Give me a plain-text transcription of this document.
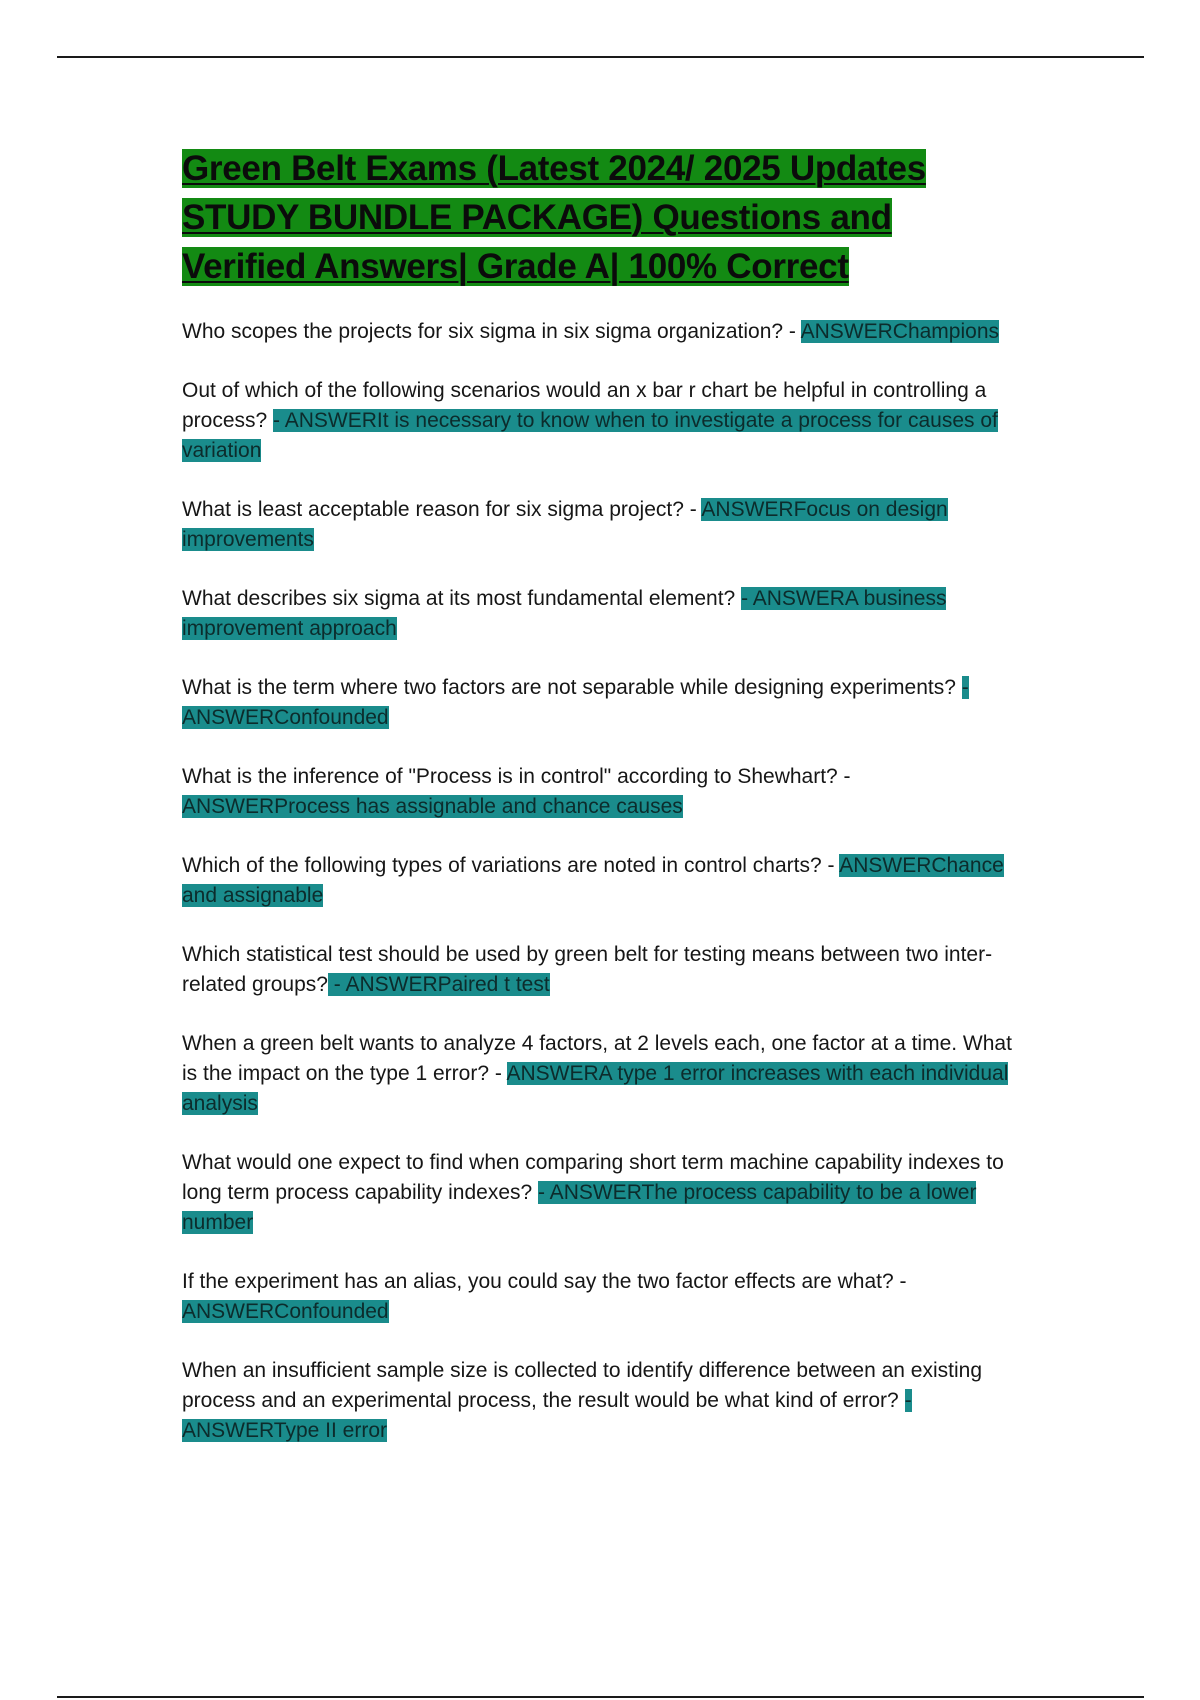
Green Belt Exams (Latest 2024/ 2025 Updates STUDY BUNDLE PACKAGE) Questions and Verified Answers| Grade A| 100% Correct
Who scopes the projects for six sigma in six sigma organization? - ANSWERChampions
Out of which of the following scenarios would an x bar r chart be helpful in controlling a process? - ANSWERIt is necessary to know when to investigate a process for causes of variation
What is least acceptable reason for six sigma project? - ANSWERFocus on design improvements
What describes six sigma at its most fundamental element? - ANSWERA business improvement approach
What is the term where two factors are not separable while designing experiments? - ANSWERConfounded
What is the inference of "Process is in control" according to Shewhart? - ANSWERProcess has assignable and chance causes
Which of the following types of variations are noted in control charts? - ANSWERChance and assignable
Which statistical test should be used by green belt for testing means between two inter-related groups? - ANSWERPaired t test
When a green belt wants to analyze 4 factors, at 2 levels each, one factor at a time. What is the impact on the type 1 error? - ANSWERA type 1 error increases with each individual analysis
What would one expect to find when comparing short term machine capability indexes to long term process capability indexes? - ANSWERThe process capability to be a lower number
If the experiment has an alias, you could say the two factor effects are what? - ANSWERConfounded
When an insufficient sample size is collected to identify difference between an existing process and an experimental process, the result would be what kind of error? - ANSWERType II error
